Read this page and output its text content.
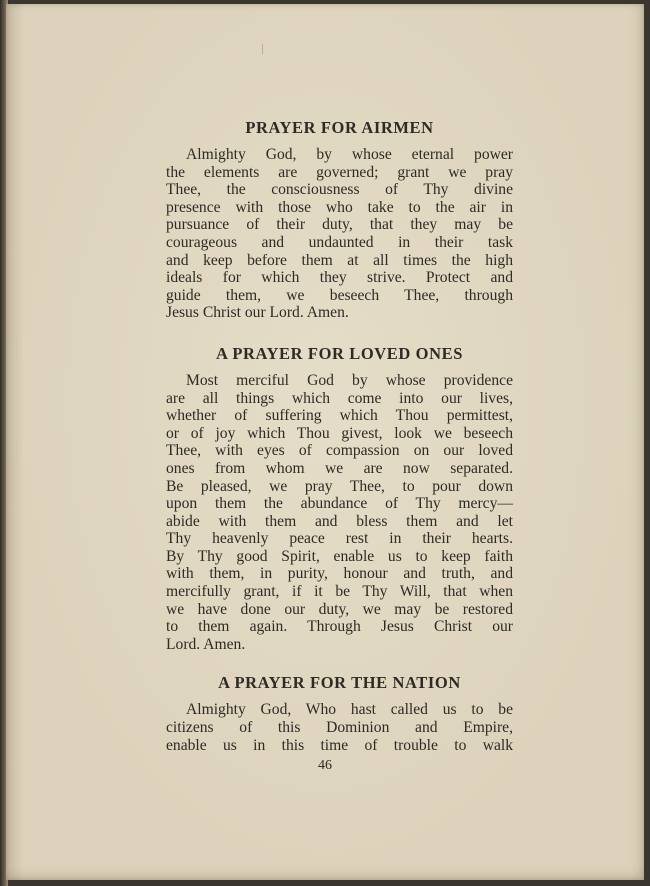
PRAYER FOR AIRMEN

Almighty God, by whose eternal power
the elements are governed; grant we pray
Thee, the consciousness of Thy divine
presence with those who take to the air in
pursuance of their duty, that they may be
courageous and undaunted in their task
and keep before them at all times the high
ideals for which they strive. Protect and
guide them, we beseech Thee, through
Jesus Christ our Lord. Amen.

A PRAYER FOR LOVED ONES

Most merciful God by whose providence
are all things which come into our lives,
whether of suffering which Thou permittest,
or of joy which Thou givest, look we beseech
Thee, with eyes of compassion on our loved
ones from whom we are now separated.
Be pleased, we pray Thee, to pour down
upon them the abundance of Thy mercy—
abide with them and bless them and let
Thy heavenly peace rest in their hearts.
By Thy good Spirit, enable us to keep faith
with them, in purity, honour and truth, and
mercifully grant, if it be Thy Will, that when
we have done our duty, we may be restored
to them again. Through Jesus Christ our
Lord. Amen.

A PRAYER FOR THE NATION

Almighty God, Who hast called us to be
citizens of this Dominion and Empire,
enable us in this time of trouble to walk

46
